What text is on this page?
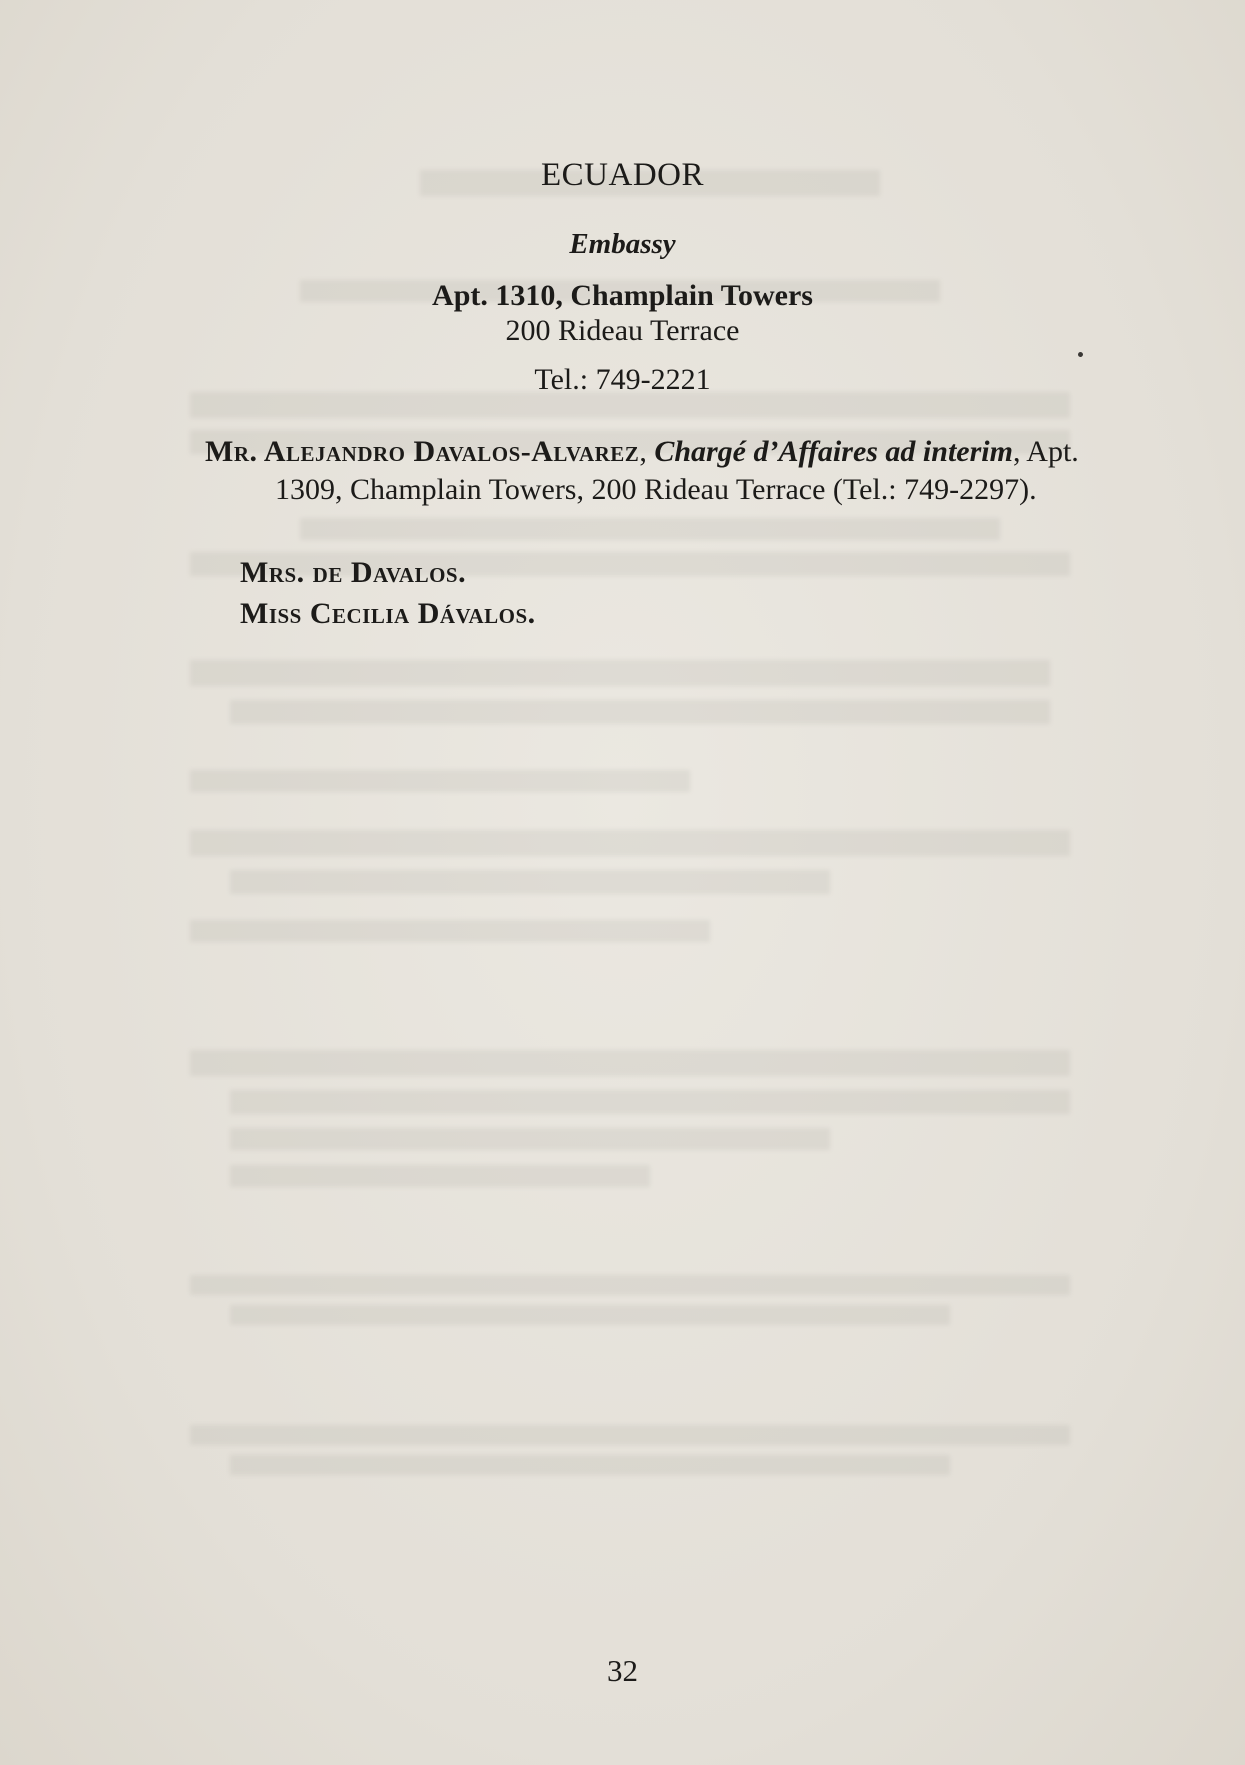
ECUADOR
Embassy
Apt. 1310, Champlain Towers
200 Rideau Terrace
Tel.: 749-2221
Mr. Alejandro Davalos-Alvarez, Chargé d’Affaires ad interim, Apt. 1309, Champlain Towers, 200 Rideau Terrace (Tel.: 749-2297).
Mrs. de Davalos.
Miss Cecilia Dávalos.
32
